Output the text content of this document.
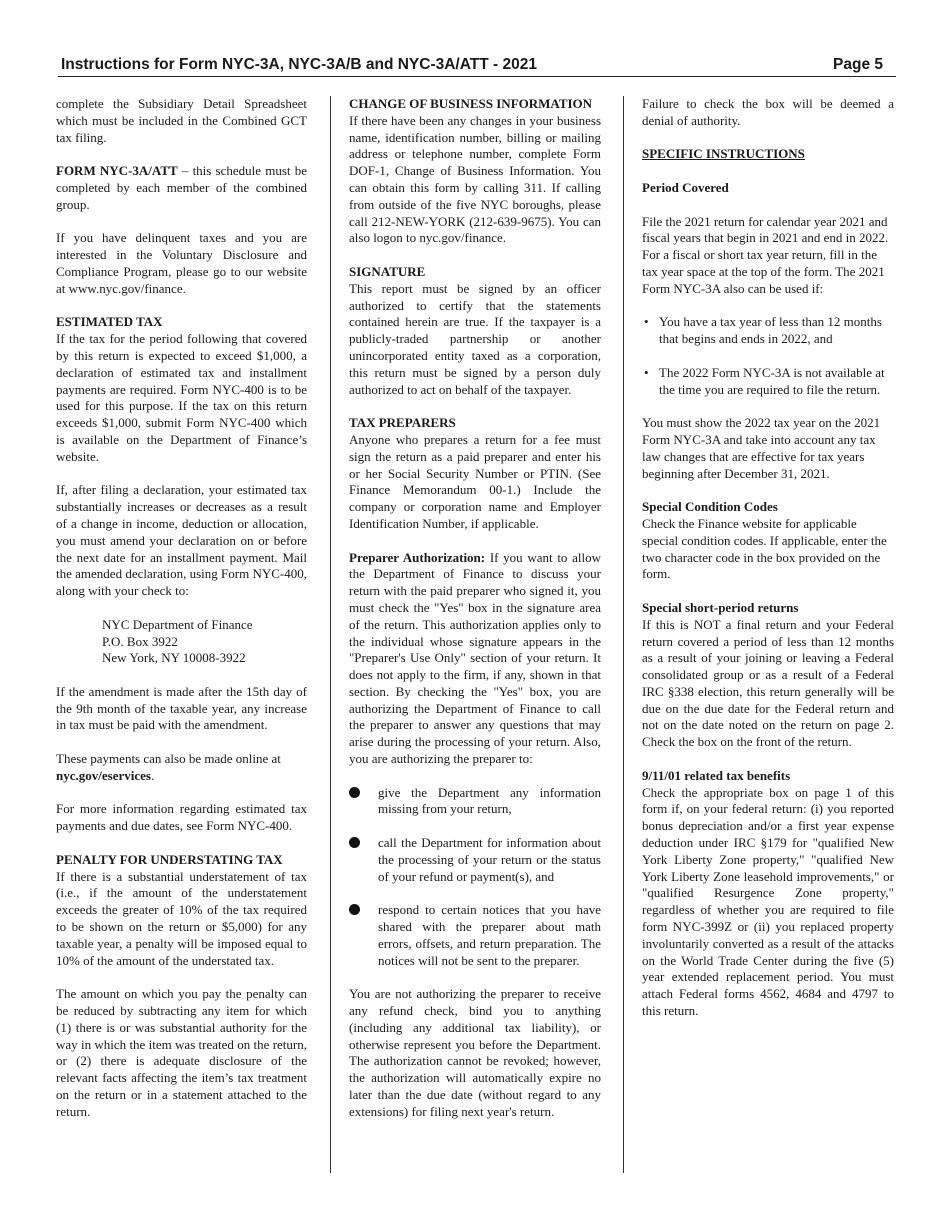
Instructions for Form NYC-3A, NYC-3A/B and NYC-3A/ATT - 2021	Page 5

complete the Subsidiary Detail Spreadsheet which must be included in the Combined GCT tax filing.

FORM NYC-3A/ATT – this schedule must be completed by each member of the combined group.

If you have delinquent taxes and you are interested in the Voluntary Disclosure and Compliance Program, please go to our website at www.nyc.gov/finance.

ESTIMATED TAX
If the tax for the period following that covered by this return is expected to exceed $1,000, a declaration of estimated tax and installment payments are required. Form NYC-400 is to be used for this purpose. If the tax on this return exceeds $1,000, submit Form NYC-400 which is available on the Department of Finance’s website.

If, after filing a declaration, your estimated tax substantially increases or decreases as a result of a change in income, deduction or allocation, you must amend your declaration on or before the next date for an installment payment. Mail the amended declaration, using Form NYC-400, along with your check to:

NYC Department of Finance
P.O. Box 3922
New York, NY 10008-3922

If the amendment is made after the 15th day of the 9th month of the taxable year, any increase in tax must be paid with the amendment.

These payments can also be made online at nyc.gov/eservices.

For more information regarding estimated tax payments and due dates, see Form NYC-400.

PENALTY FOR UNDERSTATING TAX
If there is a substantial understatement of tax (i.e., if the amount of the understatement exceeds the greater of 10% of the tax required to be shown on the return or $5,000) for any taxable year, a penalty will be imposed equal to 10% of the amount of the understated tax.

The amount on which you pay the penalty can be reduced by subtracting any item for which (1) there is or was substantial authority for the way in which the item was treated on the return, or (2) there is adequate disclosure of the relevant facts affecting the item’s tax treatment on the return or in a statement attached to the return.

CHANGE OF BUSINESS INFORMATION
If there have been any changes in your business name, identification number, billing or mailing address or telephone number, complete Form DOF-1, Change of Business Information. You can obtain this form by calling 311. If calling from outside of the five NYC boroughs, please call 212-NEW-YORK (212-639-9675). You can also logon to nyc.gov/finance.

SIGNATURE
This report must be signed by an officer authorized to certify that the statements contained herein are true. If the taxpayer is a publicly-traded partnership or another unincorporated entity taxed as a corporation, this return must be signed by a person duly authorized to act on behalf of the taxpayer.

TAX PREPARERS
Anyone who prepares a return for a fee must sign the return as a paid preparer and enter his or her Social Security Number or PTIN. (See Finance Memorandum 00-1.) Include the company or corporation name and Employer Identification Number, if applicable.

Preparer Authorization: If you want to allow the Department of Finance to discuss your return with the paid preparer who signed it, you must check the "Yes" box in the signature area of the return. This authorization applies only to the individual whose signature appears in the "Preparer's Use Only" section of your return. It does not apply to the firm, if any, shown in that section. By checking the "Yes" box, you are authorizing the Department of Finance to call the preparer to answer any questions that may arise during the processing of your return. Also, you are authorizing the preparer to:

give the Department any information missing from your return,
call the Department for information about the processing of your return or the status of your refund or payment(s), and
respond to certain notices that you have shared with the preparer about math errors, offsets, and return preparation. The notices will not be sent to the preparer.

You are not authorizing the preparer to receive any refund check, bind you to anything (including any additional tax liability), or otherwise represent you before the Department. The authorization cannot be revoked; however, the authorization will automatically expire no later than the due date (without regard to any extensions) for filing next year's return.

Failure to check the box will be deemed a denial of authority.

SPECIFIC INSTRUCTIONS

Period Covered

File the 2021 return for calendar year 2021 and fiscal years that begin in 2021 and end in 2022. For a fiscal or short tax year return, fill in the tax year space at the top of the form. The 2021 Form NYC-3A also can be used if:

• You have a tax year of less than 12 months that begins and ends in 2022, and
• The 2022 Form NYC-3A is not available at the time you are required to file the return.

You must show the 2022 tax year on the 2021 Form NYC-3A and take into account any tax law changes that are effective for tax years beginning after December 31, 2021.

Special Condition Codes
Check the Finance website for applicable special condition codes. If applicable, enter the two character code in the box provided on the form.

Special short-period returns
If this is NOT a final return and your Federal return covered a period of less than 12 months as a result of your joining or leaving a Federal consolidated group or as a result of a Federal IRC §338 election, this return generally will be due on the due date for the Federal return and not on the date noted on the return on page 2. Check the box on the front of the return.

9/11/01 related tax benefits
Check the appropriate box on page 1 of this form if, on your federal return: (i) you reported bonus depreciation and/or a first year expense deduction under IRC §179 for "qualified New York Liberty Zone property," "qualified New York Liberty Zone leasehold improvements," or "qualified Resurgence Zone property," regardless of whether you are required to file form NYC-399Z or (ii) you replaced property involuntarily converted as a result of the attacks on the World Trade Center during the five (5) year extended replacement period. You must attach Federal forms 4562, 4684 and 4797 to this return.
